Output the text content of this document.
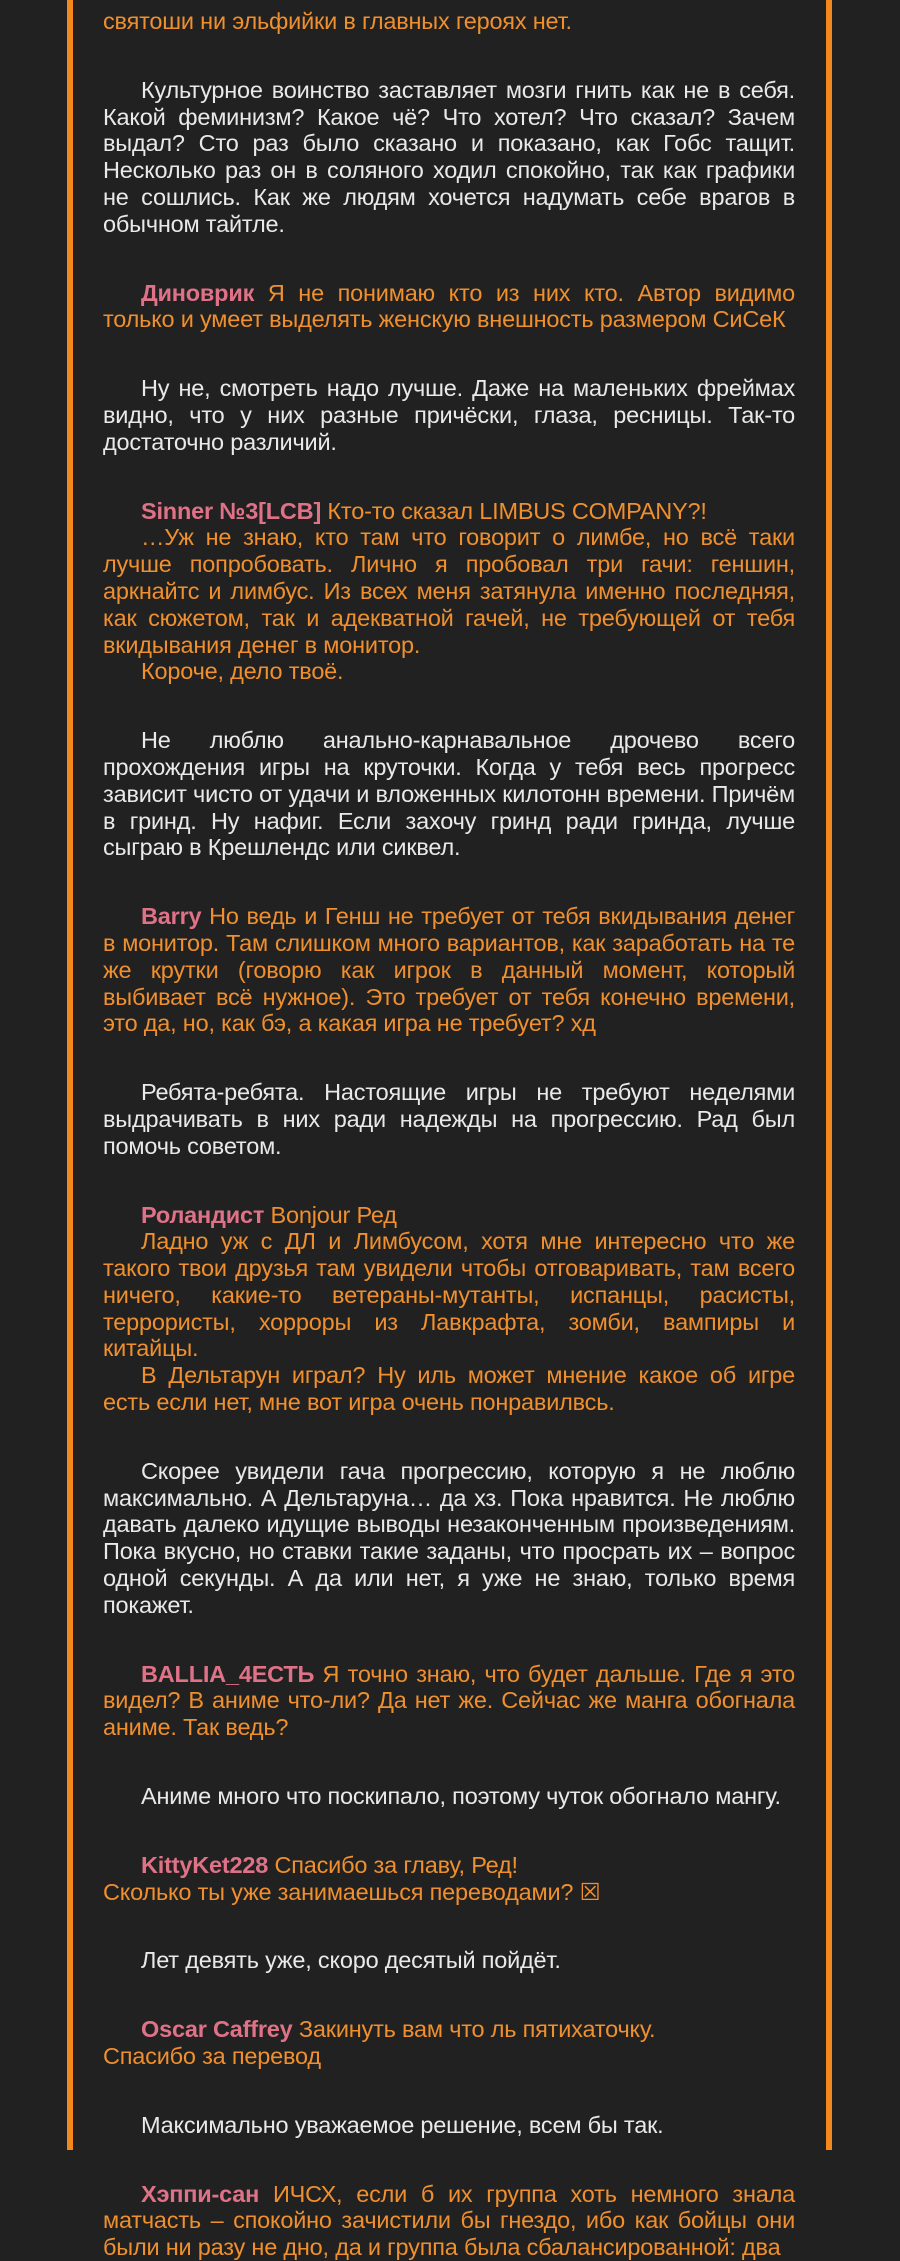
святоши ни эльфийки в главных героях нет.

Культурное воинство заставляет мозги гнить как не в себя. Какой феминизм? Какое чё? Что хотел? Что сказал? Зачем выдал? Сто раз было сказано и показано, как Гобс тащит. Несколько раз он в соляного ходил спокойно, так как графики не сошлись. Как же людям хочется надумать себе врагов в обычном тайтле.

Диноврик Я не понимаю кто из них кто. Автор видимо только и умеет выделять женскую внешность размером СиСеК

Ну не, смотреть надо лучше. Даже на маленьких фреймах видно, что у них разные причёски, глаза, ресницы. Так-то достаточно различий.

Sinner №3[LCB] Кто-то сказал LIMBUS COMPANY?!

…Уж не знаю, кто там что говорит о лимбе, но всё таки лучше попробовать. Лично я пробовал три гачи: геншин, аркнайтс и лимбус. Из всех меня затянула именно последняя, как сюжетом, так и адекватной гачей, не требующей от тебя вкидывания денег в монитор.

Короче, дело твоё.

Не люблю анально-карнавальное дрочево всего прохождения игры на круточки. Когда у тебя весь прогресс зависит чисто от удачи и вложенных килотонн времени. Причём в гринд. Ну нафиг. Если захочу гринд ради гринда, лучше сыграю в Крешлендс или сиквел.

Barry Но ведь и Генш не требует от тебя вкидывания денег в монитор. Там слишком много вариантов, как заработать на те же крутки (говорю как игрок в данный момент, который выбивает всё нужное). Это требует от тебя конечно времени, это да, но, как бэ, а какая игра не требует? хд

Ребята-ребята. Настоящие игры не требуют неделями выдрачивать в них ради надежды на прогрессию. Рад был помочь советом.

Роландист Bonjour Ред

Ладно уж с ДЛ и Лимбусом, хотя мне интересно что же такого твои друзья там увидели чтобы отговаривать, там всего ничего, какие-то ветераны-мутанты, испанцы, расисты, террористы, хорроры из Лавкрафта, зомби, вампиры и китайцы.

В Дельтарун играл? Ну иль может мнение какое об игре есть если нет, мне вот игра очень понравилвсь.

Скорее увидели гача прогрессию, которую я не люблю максимально. А Дельтаруна… да хз. Пока нравится. Не люблю давать далеко идущие выводы незаконченным произведениям. Пока вкусно, но ставки такие заданы, что просрать их – вопрос одной секунды. А да или нет, я уже не знаю, только время покажет.

BALLIA_4ЕСТЬ Я точно знаю, что будет дальше. Где я это видел? В аниме что-ли? Да нет же. Сейчас же манга обогнала аниме. Так ведь?

Аниме много что поскипало, поэтому чуток обогнало мангу.

KittyKet228 Спасибо за главу, Ред!

Сколько ты уже занимаешься переводами? ☒

Лет девять уже, скоро десятый пойдёт.

Oscar Caffrey Закинуть вам что ль пятихаточку.

Спасибо за перевод

Максимально уважаемое решение, всем бы так.

Хэппи-сан ИЧСХ, если б их группа хоть немного знала матчасть – спокойно зачистили бы гнездо, ибо как бойцы они были ни разу не дно, да и группа была сбалансированной: два
